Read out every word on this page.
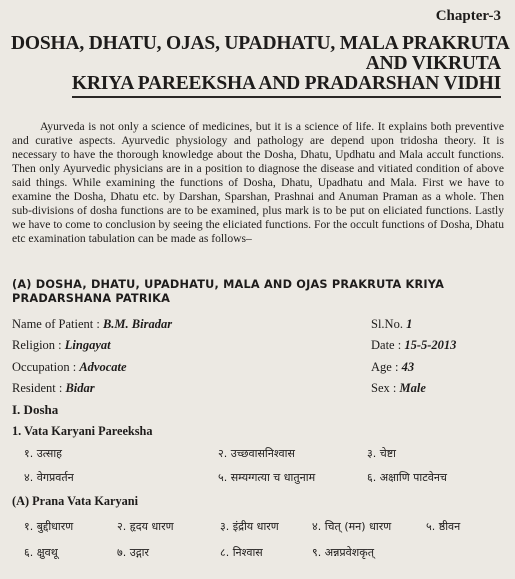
Chapter-3
DOSHA, DHATU, OJAS, UPADHATU, MALA PRAKRUTA
AND VIKRUTA
KRIYA PAREEKSHA AND PRADARSHAN VIDHI

Ayurveda is not only a science of medicines, but it is a science of life. It explains both preventive and curative aspects. Ayurvedic physiology and pathology are depend upon tridosha theory. It is necessary to have the thorough knowledge about the Dosha, Dhatu, Updhatu and Mala accult functions. Then only Ayurvedic physicians are in a position to diagnose the disease and vitiated condition of above said things. While examining the functions of Dosha, Dhatu, Upadhatu and Mala. First we have to examine the Dosha, Dhatu etc. by Darshan, Sparshan, Prashnai and Anuman Praman as a whole. Then sub-divisions of dosha functions are to be examined, plus mark is to be put on eliciated functions. Lastly we have to come to conclusion by seeing the eliciated functions. For the occult functions of Dosha, Dhatu etc examination tabulation can be made as follows–

(A) DOSHA, DHATU, UPADHATU, MALA AND OJAS PRAKRUTA KRIYA
PRADARSHANA PATRIKA
Name of Patient : B.M. Biradar	Sl.No. 1
Religion : Lingayat	Date : 15-5-2013
Occupation : Advocate	Age : 43
Resident : Bidar	Sex : Male
I. Dosha
1. Vata Karyani Pareeksha
१. उत्साह	२. उच्छवासनिश्वास	३. चेष्टा
४. वेगप्रवर्तन	५. सम्यग्गत्या च धातुनाम	६. अक्षाणि पाटवेनच
(A) Prana Vata Karyani
१. बुद्दीधारण	२. हृदय धारण	३. इंद्रीय धारण	४. चित् (मन) धारण	५. ष्ठीवन
६. क्षुवथू	७. उद्गार	८. निश्वास	९. अन्नप्रवेशकृत्
